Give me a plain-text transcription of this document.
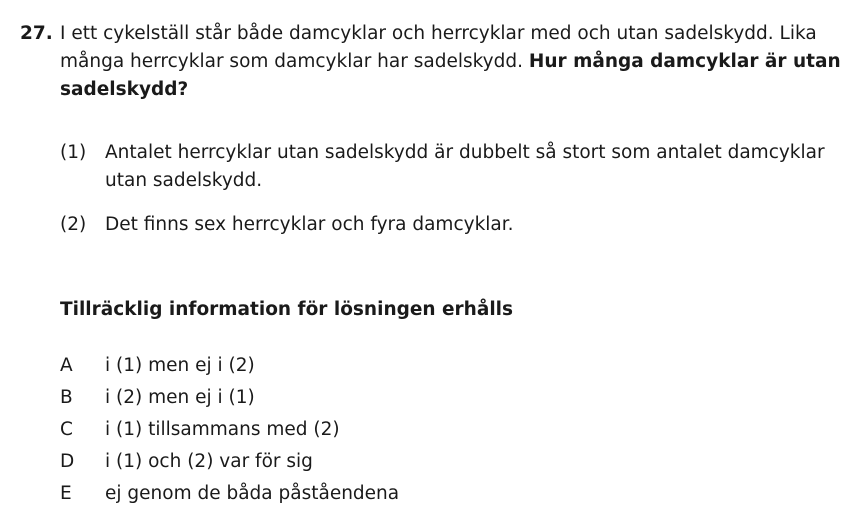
27. I ett cykelställ står både damcyklar och herrcyklar med och utan sadelskydd. Lika många herrcyklar som damcyklar har sadelskydd. Hur många damcyklar är utan sadelskydd?

(1)	Antalet herrcyklar utan sadelskydd är dubbelt så stort som antalet damcyklar utan sadelskydd.
(2)	Det finns sex herrcyklar och fyra damcyklar.
Tillräcklig information för lösningen erhålls
A	i (1) men ej i (2)
B	i (2) men ej i (1)
C	i (1) tillsammans med (2)
D	i (1) och (2) var för sig
E	ej genom de båda påståendena
